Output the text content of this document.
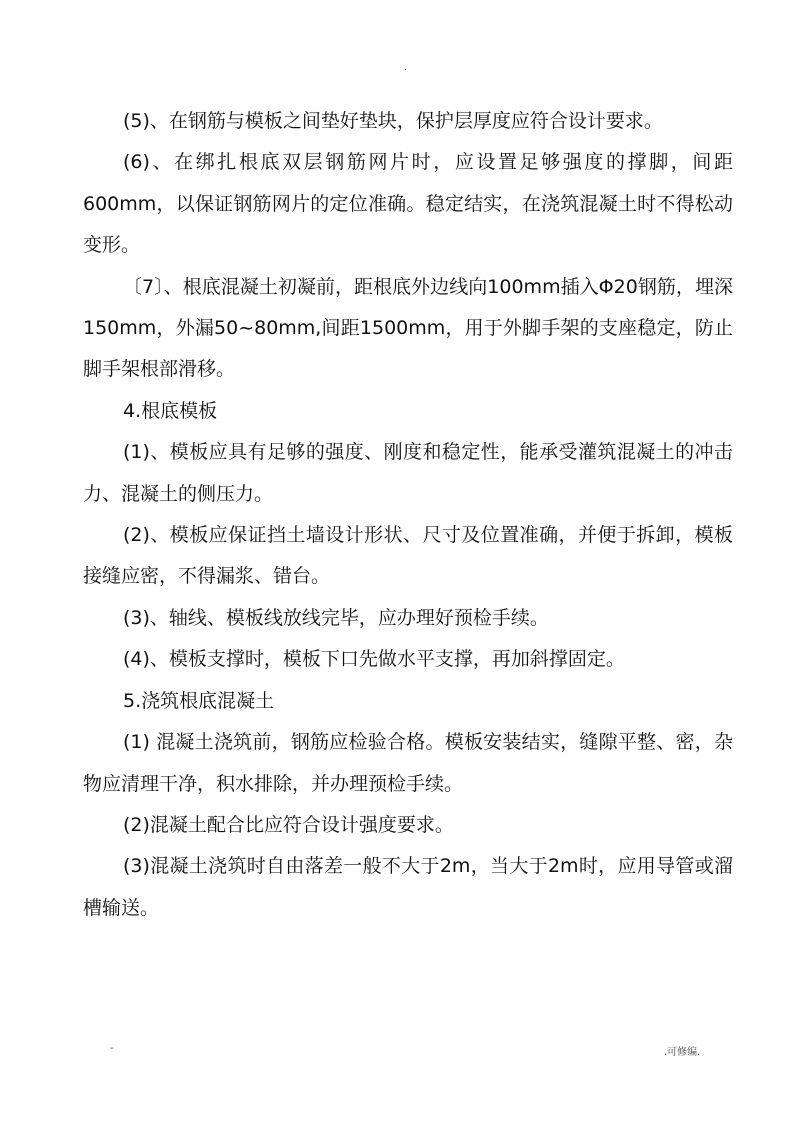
.

(5)、在钢筋与模板之间垫好垫块，保护层厚度应符合设计要求。

(6)、在绑扎根底双层钢筋网片时，应设置足够强度的撑脚，间距600mm，以保证钢筋网片的定位准确。稳定结实，在浇筑混凝土时不得松动变形。

〔7〕、根底混凝土初凝前，距根底外边线向100mm插入Φ20钢筋，埋深150mm，外漏50~80mm,间距1500mm，用于外脚手架的支座稳定，防止脚手架根部滑移。

4.根底模板

(1)、模板应具有足够的强度、刚度和稳定性，能承受灌筑混凝土的冲击力、混凝土的侧压力。

(2)、模板应保证挡土墙设计形状、尺寸及位置准确，并便于拆卸，模板接缝应密，不得漏浆、错台。

(3)、轴线、模板线放线完毕，应办理好预检手续。

(4)、模板支撑时，模板下口先做水平支撑，再加斜撑固定。

5.浇筑根底混凝土

(1) 混凝土浇筑前，钢筋应检验合格。模板安装结实，缝隙平整、密，杂物应清理干净，积水排除，并办理预检手续。

(2)混凝土配合比应符合设计强度要求。

(3)混凝土浇筑时自由落差一般不大于2m，当大于2m时，应用导管或溜槽输送。

-	.可修编.
